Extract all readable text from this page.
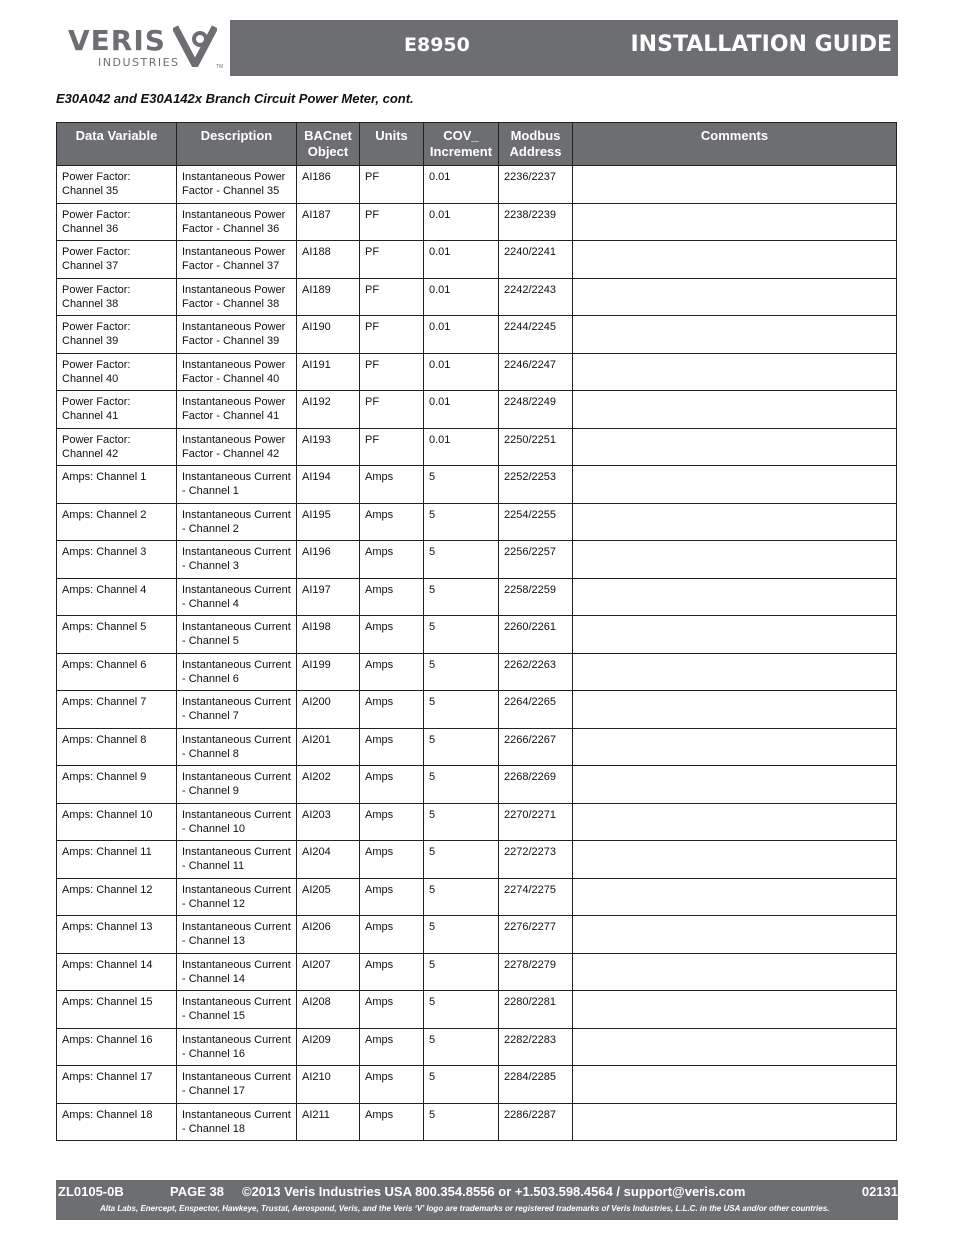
VERIS
INDUSTRIES	TM
E8950	INSTALLATION GUIDE
E30A042 and E30A142x Branch Circuit Power Meter, cont.
Data Variable	Description	BACnet Object	Units	COV_ Increment	Modbus Address	Comments
Power Factor: Channel 35	Instantaneous Power Factor - Channel 35	AI186	PF	0.01	2236/2237	
Power Factor: Channel 36	Instantaneous Power Factor - Channel 36	AI187	PF	0.01	2238/2239	
Power Factor: Channel 37	Instantaneous Power Factor - Channel 37	AI188	PF	0.01	2240/2241	
Power Factor: Channel 38	Instantaneous Power Factor - Channel 38	AI189	PF	0.01	2242/2243	
Power Factor: Channel 39	Instantaneous Power Factor - Channel 39	AI190	PF	0.01	2244/2245	
Power Factor: Channel 40	Instantaneous Power Factor - Channel 40	AI191	PF	0.01	2246/2247	
Power Factor: Channel 41	Instantaneous Power Factor - Channel 41	AI192	PF	0.01	2248/2249	
Power Factor: Channel 42	Instantaneous Power Factor - Channel 42	AI193	PF	0.01	2250/2251	
Amps: Channel 1	Instantaneous Current - Channel 1	AI194	Amps	5	2252/2253	
Amps: Channel 2	Instantaneous Current - Channel 2	AI195	Amps	5	2254/2255	
Amps: Channel 3	Instantaneous Current - Channel 3	AI196	Amps	5	2256/2257	
Amps: Channel 4	Instantaneous Current - Channel 4	AI197	Amps	5	2258/2259	
Amps: Channel 5	Instantaneous Current - Channel 5	AI198	Amps	5	2260/2261	
Amps: Channel 6	Instantaneous Current - Channel 6	AI199	Amps	5	2262/2263	
Amps: Channel 7	Instantaneous Current - Channel 7	AI200	Amps	5	2264/2265	
Amps: Channel 8	Instantaneous Current - Channel 8	AI201	Amps	5	2266/2267	
Amps: Channel 9	Instantaneous Current - Channel 9	AI202	Amps	5	2268/2269	
Amps: Channel 10	Instantaneous Current - Channel 10	AI203	Amps	5	2270/2271	
Amps: Channel 11	Instantaneous Current - Channel 11	AI204	Amps	5	2272/2273	
Amps: Channel 12	Instantaneous Current - Channel 12	AI205	Amps	5	2274/2275	
Amps: Channel 13	Instantaneous Current - Channel 13	AI206	Amps	5	2276/2277	
Amps: Channel 14	Instantaneous Current - Channel 14	AI207	Amps	5	2278/2279	
Amps: Channel 15	Instantaneous Current - Channel 15	AI208	Amps	5	2280/2281	
Amps: Channel 16	Instantaneous Current - Channel 16	AI209	Amps	5	2282/2283	
Amps: Channel 17	Instantaneous Current - Channel 17	AI210	Amps	5	2284/2285	
Amps: Channel 18	Instantaneous Current - Channel 18	AI211	Amps	5	2286/2287	
ZL0105-0B	PAGE 38 ©2013 Veris Industries USA 800.354.8556 or +1.503.598.4564 / support@veris.com	02131
Alta Labs, Enercept, Enspector, Hawkeye, Trustat, Aerospond, Veris, and the Veris ‘V’ logo are trademarks or registered trademarks of Veris Industries, L.L.C. in the USA and/or other countries.
